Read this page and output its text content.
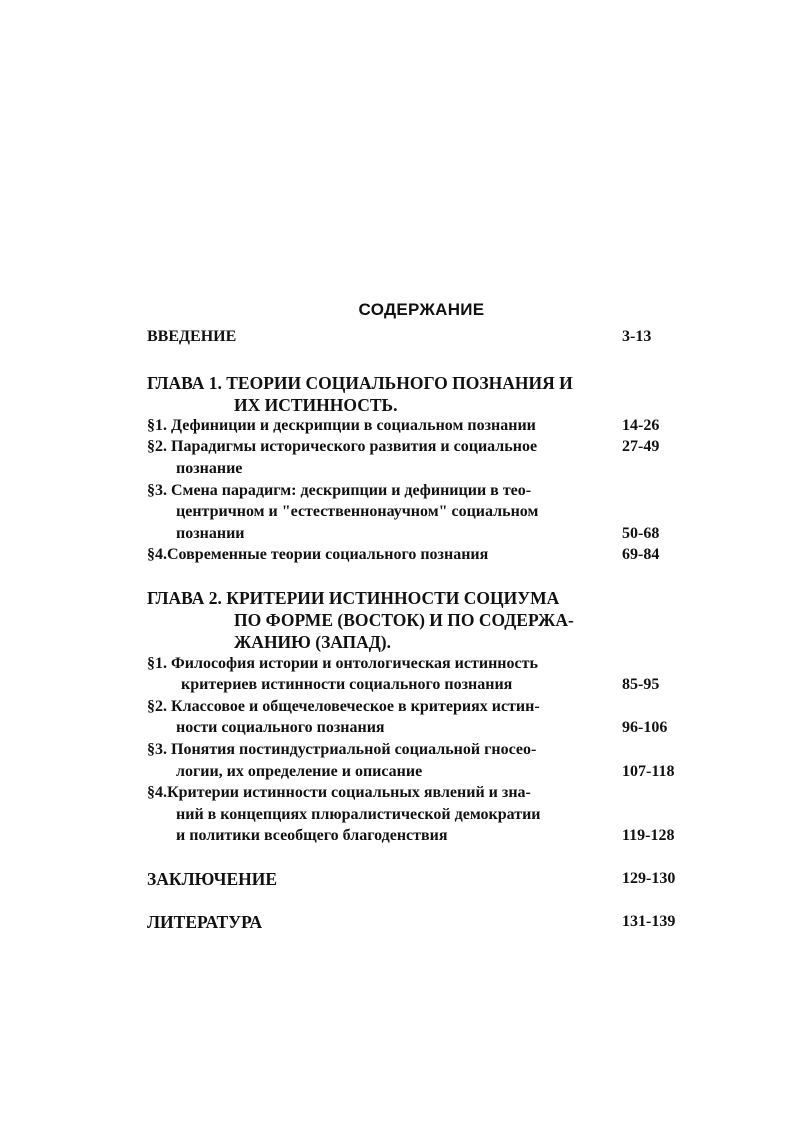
СОДЕРЖАНИЕ
ВВЕДЕНИЕ	3-13
ГЛАВА 1. ТЕОРИИ СОЦИАЛЬНОГО ПОЗНАНИЯ И
ИХ ИСТИННОСТЬ.
§1. Дефиниции и дескрипции в социальном познании	14-26
§2. Парадигмы исторического развития и социальное	27-49
познание
§3. Смена парадигм: дескрипции и дефиниции в тео-
центричном и "естественнонаучном" социальном
познании	50-68
§4.Современные теории социального познания	69-84
ГЛАВА 2. КРИТЕРИИ ИСТИННОСТИ СОЦИУМА
ПО ФОРМЕ (ВОСТОК) И ПО СОДЕРЖА-
ЖАНИЮ (ЗАПАД).
§1. Философия истории и онтологическая истинность
критериев истинности социального познания	85-95
§2. Классовое и общечеловеческое в критериях истин-
ности социального познания	96-106
§3. Понятия постиндустриальной социальной гносео-
логии, их определение и описание	107-118
§4.Критерии истинности социальных явлений и зна-
ний в концепциях плюралистической демократии
и политики всеобщего благоденствия	119-128
ЗАКЛЮЧЕНИЕ	129-130
ЛИТЕРАТУРА	131-139
